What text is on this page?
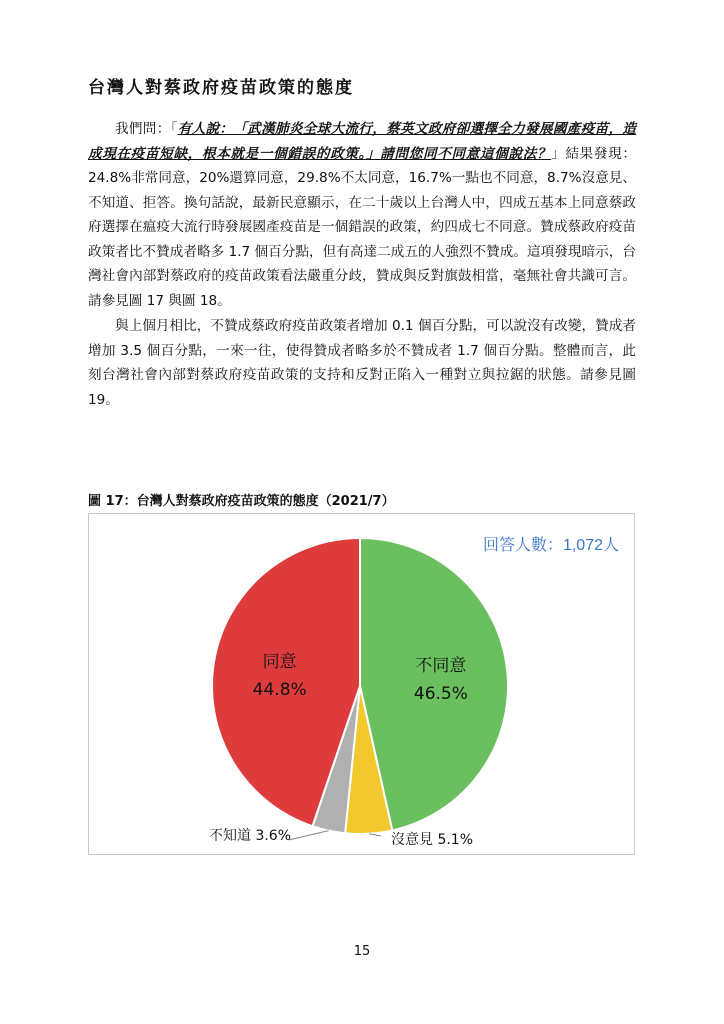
台灣人對蔡政府疫苗政策的態度
我們問：「有人說：「武漢肺炎全球大流行，蔡英文政府卻選擇全力發展國產疫苗，造成現在疫苗短缺，根本就是一個錯誤的政策。」請問您同不同意這個說法？」結果發現：24.8%非常同意，20%還算同意，29.8%不太同意，16.7%一點也不同意，8.7%沒意見、不知道、拒答。換句話說，最新民意顯示，在二十歲以上台灣人中，四成五基本上同意蔡政府選擇在瘟疫大流行時發展國產疫苗是一個錯誤的政策，約四成七不同意。贊成蔡政府疫苗政策者比不贊成者略多 1.7 個百分點，但有高達二成五的人強烈不贊成。這項發現暗示，台灣社會內部對蔡政府的疫苗政策看法嚴重分歧，贊成與反對旗鼓相當，毫無社會共識可言。請參見圖 17 與圖 18。
與上個月相比，不贊成蔡政府疫苗政策者增加 0.1 個百分點，可以說沒有改變，贊成者增加 3.5 個百分點，一來一往，使得贊成者略多於不贊成者 1.7 個百分點。整體而言，此刻台灣社會內部對蔡政府疫苗政策的支持和反對正陷入一種對立與拉鋸的狀態。請參見圖 19。
圖 17：台灣人對蔡政府疫苗政策的態度（2021/7）
不同意
46.5%
沒意見 5.1%
不知道 3.6%
同意
44.8%
回答人數：1,072人
15
